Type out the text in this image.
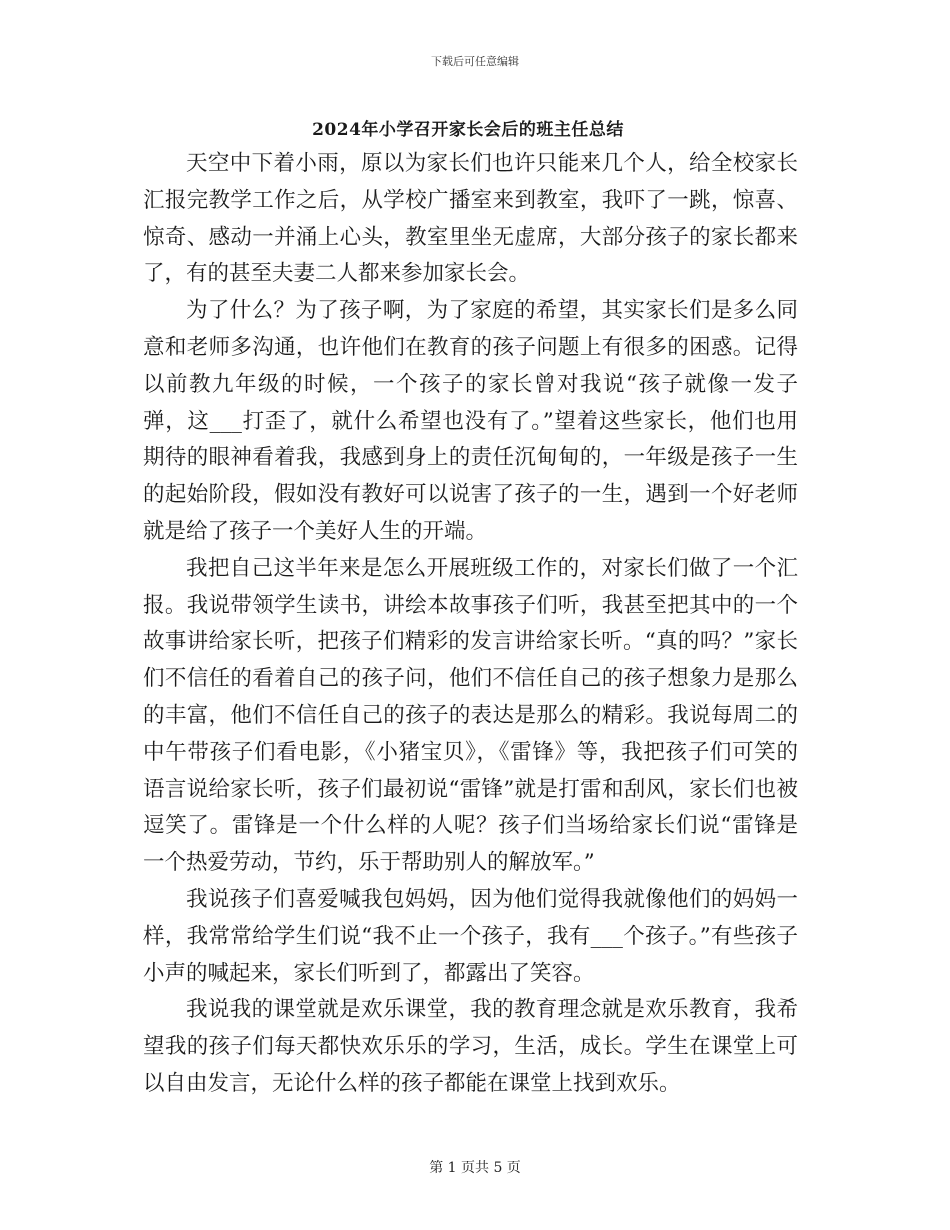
下载后可任意编辑
2024年小学召开家长会后的班主任总结

天空中下着小雨，原以为家长们也许只能来几个人，给全校家长汇报完教学工作之后，从学校广播室来到教室，我吓了一跳，惊喜、惊奇、感动一并涌上心头，教室里坐无虚席，大部分孩子的家长都来了，有的甚至夫妻二人都来参加家长会。

为了什么？为了孩子啊，为了家庭的希望，其实家长们是多么同意和老师多沟通，也许他们在教育的孩子问题上有很多的困惑。记得以前教九年级的时候，一个孩子的家长曾对我说“孩子就像一发子弹，这___打歪了，就什么希望也没有了。”望着这些家长，他们也用期待的眼神看着我，我感到身上的责任沉甸甸的，一年级是孩子一生的起始阶段，假如没有教好可以说害了孩子的一生，遇到一个好老师就是给了孩子一个美好人生的开端。

我把自己这半年来是怎么开展班级工作的，对家长们做了一个汇报。我说带领学生读书，讲绘本故事孩子们听，我甚至把其中的一个故事讲给家长听，把孩子们精彩的发言讲给家长听。“真的吗？”家长们不信任的看着自己的孩子问，他们不信任自己的孩子想象力是那么的丰富，他们不信任自己的孩子的表达是那么的精彩。我说每周二的中午带孩子们看电影，《小猪宝贝》，《雷锋》等，我把孩子们可笑的语言说给家长听，孩子们最初说“雷锋”就是打雷和刮风，家长们也被逗笑了。雷锋是一个什么样的人呢？孩子们当场给家长们说“雷锋是一个热爱劳动，节约，乐于帮助别人的解放军。”

我说孩子们喜爱喊我包妈妈，因为他们觉得我就像他们的妈妈一样，我常常给学生们说“我不止一个孩子，我有___个孩子。”有些孩子小声的喊起来，家长们听到了，都露出了笑容。

我说我的课堂就是欢乐课堂，我的教育理念就是欢乐教育，我希望我的孩子们每天都快欢乐乐的学习，生活，成长。学生在课堂上可以自由发言，无论什么样的孩子都能在课堂上找到欢乐。

第 1 页共 5 页
